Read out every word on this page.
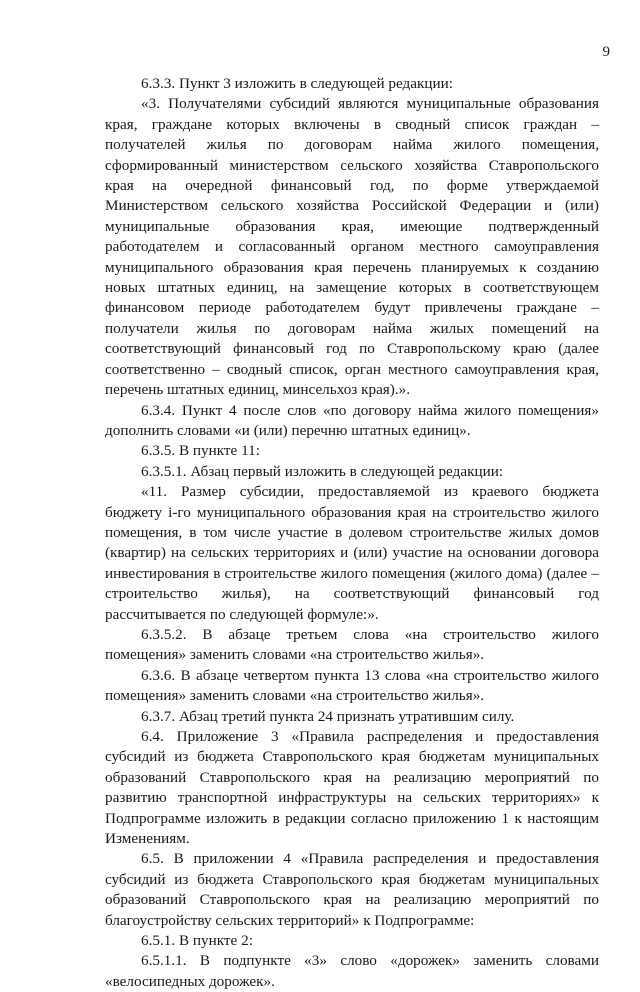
9

6.3.3. Пункт 3 изложить в следующей редакции:

«3. Получателями субсидий являются муниципальные образования края, граждане которых включены в сводный список граждан – получателей жилья по договорам найма жилого помещения, сформированный министерством сельского хозяйства Ставропольского края на очередной финансовый год, по форме утверждаемой Министерством сельского хозяйства Российской Федерации и (или) муниципальные образования края, имеющие подтвержденный работодателем и согласованный органом местного самоуправления муниципального образования края перечень планируемых к созданию новых штатных единиц, на замещение которых в соответствующем финансовом периоде работодателем будут привлечены граждане – получатели жилья по договорам найма жилых помещений на соответствующий финансовый год по Ставропольскому краю (далее соответственно – сводный список, орган местного самоуправления края, перечень штатных единиц, минсельхоз края).».

6.3.4. Пункт 4 после слов «по договору найма жилого помещения» дополнить словами «и (или) перечню штатных единиц».

6.3.5. В пункте 11:

6.3.5.1. Абзац первый изложить в следующей редакции:

«11. Размер субсидии, предоставляемой из краевого бюджета бюджету i-го муниципального образования края на строительство жилого помещения, в том числе участие в долевом строительстве жилых домов (квартир) на сельских территориях и (или) участие на основании договора инвестирования в строительстве жилого помещения (жилого дома) (далее – строительство жилья), на соответствующий финансовый год рассчитывается по следующей формуле:».

6.3.5.2. В абзаце третьем слова «на строительство жилого помещения» заменить словами «на строительство жилья».

6.3.6. В абзаце четвертом пункта 13 слова «на строительство жилого помещения» заменить словами «на строительство жилья».

6.3.7. Абзац третий пункта 24 признать утратившим силу.

6.4. Приложение 3 «Правила распределения и предоставления субсидий из бюджета Ставропольского края бюджетам муниципальных образований Ставропольского края на реализацию мероприятий по развитию транспортной инфраструктуры на сельских территориях» к Подпрограмме изложить в редакции согласно приложению 1 к настоящим Изменениям.

6.5. В приложении 4 «Правила распределения и предоставления субсидий из бюджета Ставропольского края бюджетам муниципальных образований Ставропольского края на реализацию мероприятий по благоустройству сельских территорий» к Подпрограмме:

6.5.1. В пункте 2:

6.5.1.1. В подпункте «3» слово «дорожек» заменить словами «велосипедных дорожек».
